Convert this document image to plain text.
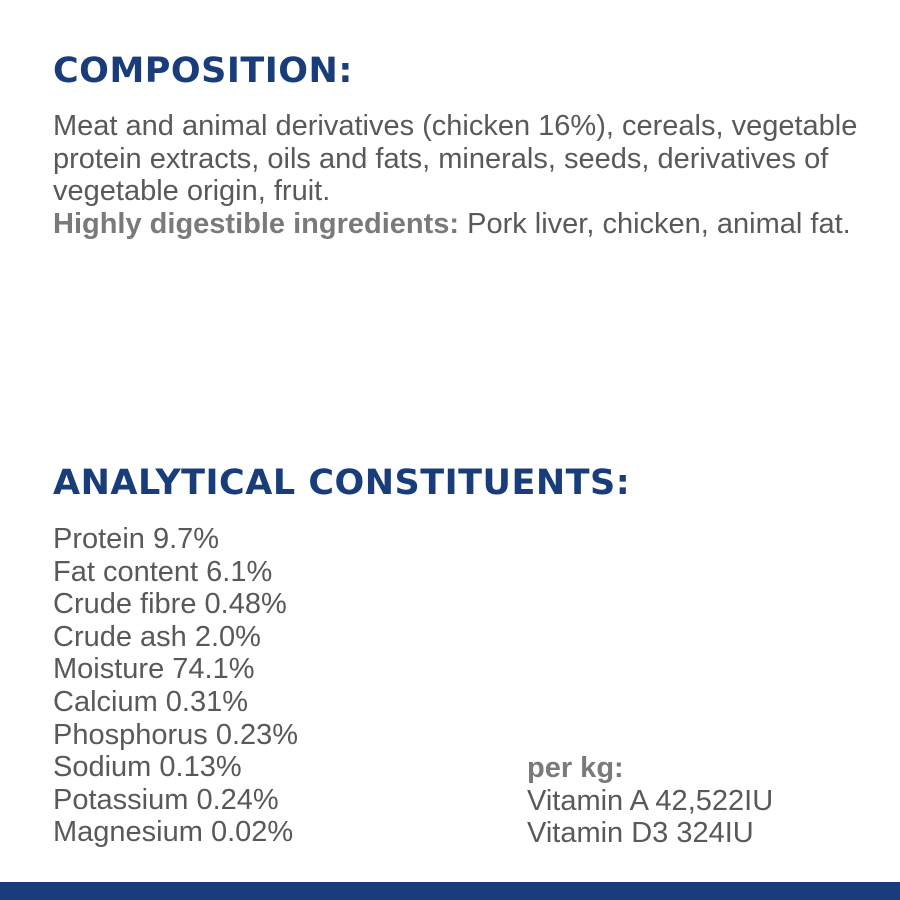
COMPOSITION:

Meat and animal derivatives (chicken 16%), cereals, vegetable protein extracts, oils and fats, minerals, seeds, derivatives of vegetable origin, fruit.
Highly digestible ingredients: Pork liver, chicken, animal fat.

ANALYTICAL CONSTITUENTS:
Protein 9.7%
Fat content 6.1%
Crude fibre 0.48%
Crude ash 2.0%
Moisture 74.1%
Calcium 0.31%
Phosphorus 0.23%
Sodium 0.13%
Potassium 0.24%
Magnesium 0.02%
per kg:
Vitamin A 42,522IU
Vitamin D3 324IU
